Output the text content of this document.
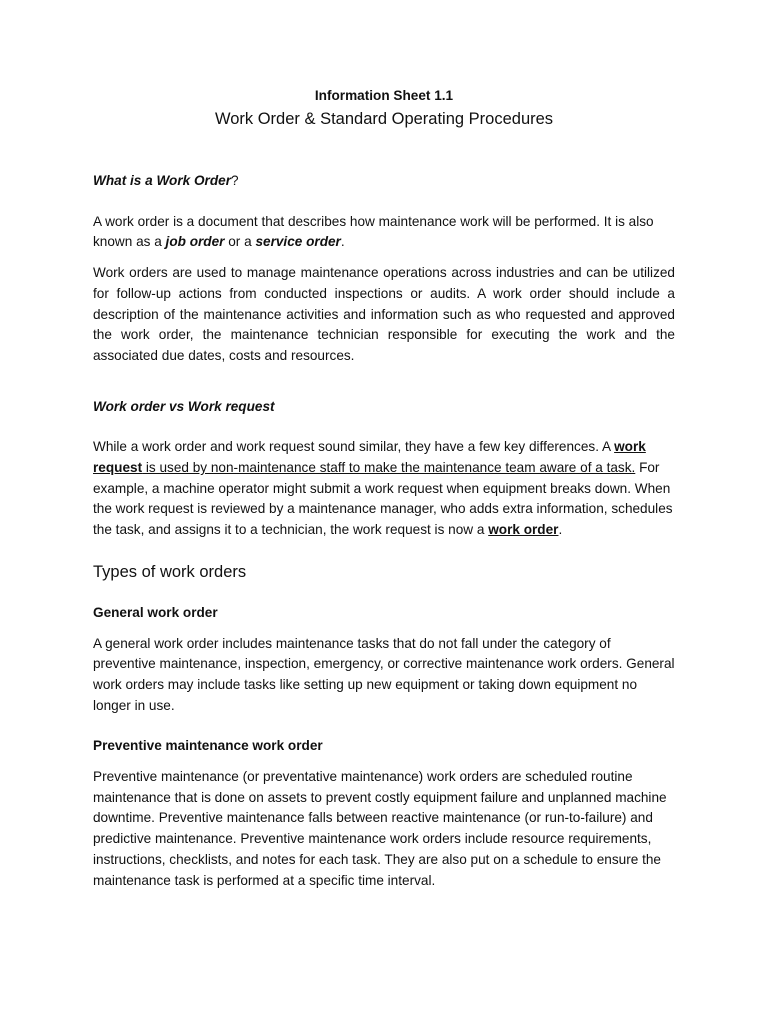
Information Sheet 1.1

Work Order & Standard Operating Procedures

What is a Work Order?

A work order is a document that describes how maintenance work will be performed. It is also known as a job order or a service order.

Work orders are used to manage maintenance operations across industries and can be utilized for follow-up actions from conducted inspections or audits. A work order should include a description of the maintenance activities and information such as who requested and approved the work order, the maintenance technician responsible for executing the work and the associated due dates, costs and resources.

Work order vs Work request

While a work order and work request sound similar, they have a few key differences. A work request is used by non-maintenance staff to make the maintenance team aware of a task. For example, a machine operator might submit a work request when equipment breaks down. When the work request is reviewed by a maintenance manager, who adds extra information, schedules the task, and assigns it to a technician, the work request is now a work order.

Types of work orders

General work order

A general work order includes maintenance tasks that do not fall under the category of preventive maintenance, inspection, emergency, or corrective maintenance work orders. General work orders may include tasks like setting up new equipment or taking down equipment no longer in use.

Preventive maintenance work order

Preventive maintenance (or preventative maintenance) work orders are scheduled routine maintenance that is done on assets to prevent costly equipment failure and unplanned machine downtime. Preventive maintenance falls between reactive maintenance (or run-to-failure) and predictive maintenance. Preventive maintenance work orders include resource requirements, instructions, checklists, and notes for each task. They are also put on a schedule to ensure the maintenance task is performed at a specific time interval.
